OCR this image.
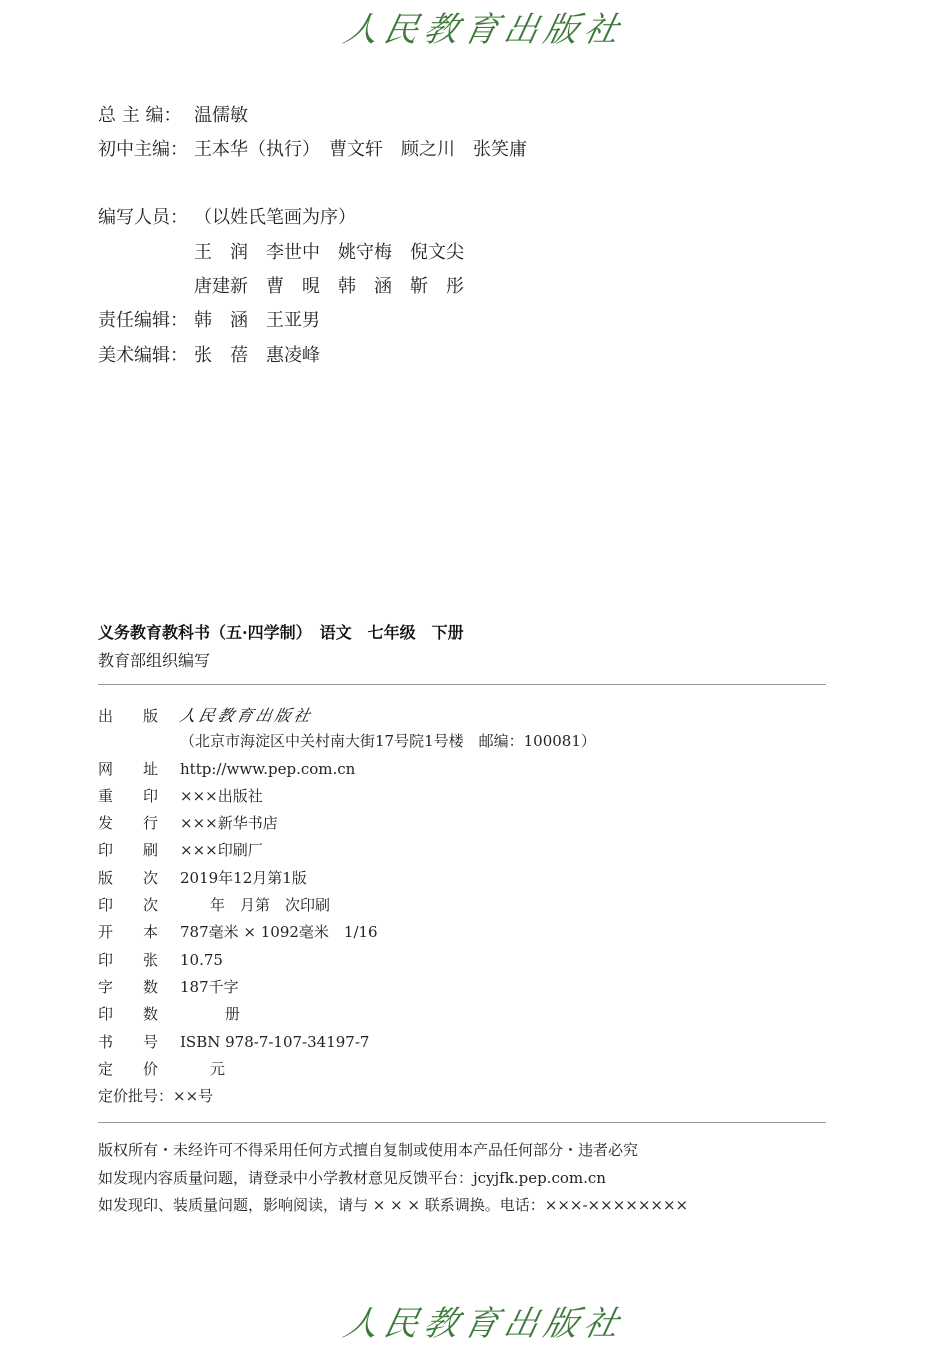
人民教育出版社
总 主 编： 温儒敏
初中主编： 王本华（执行）　曹文轩　顾之川　张笑庸
编写人员： （以姓氏笔画为序）
王　润　李世中　姚守梅　倪文尖
唐建新　曹　晛　韩　涵　靳　彤
责任编辑： 韩　涵　王亚男
美术编辑： 张　蓓　惠凌峰
义务教育教科书（五·四学制）　语文　七年级　下册
教育部组织编写
出　　版 人民教育出版社
（北京市海淀区中关村南大街17号院1号楼　邮编：100081）
网　　址 http://www.pep.com.cn
重　　印 ×××出版社
发　　行 ×××新华书店
印　　刷 ×××印刷厂
版　　次 2019年12月第1版
印　　次　　年　月第　次印刷
开　　本 787毫米 × 1092毫米　1/16
印　　张 10.75
字　　数 187千字
印　　数　　　册
书　　号 ISBN 978-7-107-34197-7
定　　价　　元
定价批号：××号
版权所有・未经许可不得采用任何方式擅自复制或使用本产品任何部分・违者必究
如发现内容质量问题，请登录中小学教材意见反馈平台：jcyjfk.pep.com.cn
如发现印、装质量问题，影响阅读，请与 × × × 联系调换。电话：×××-××××××××
人民教育出版社
